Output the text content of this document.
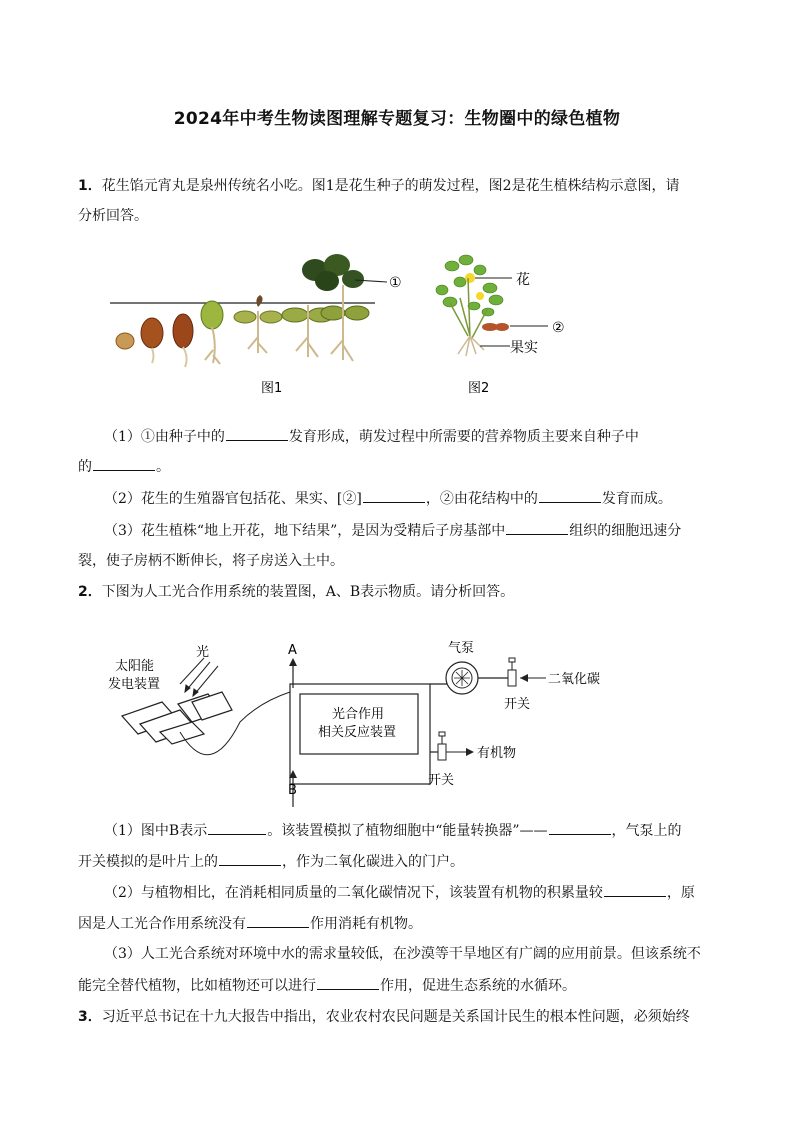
2024年中考生物读图理解专题复习：生物圈中的绿色植物
1．花生馅元宵丸是泉州传统名小吃。图1是花生种子的萌发过程，图2是花生植株结构示意图，请
分析回答。
①
图1
花
②
果实
图2
（1）①由种子中的	发育形成，萌发过程中所需要的营养物质主要来自种子中
的	。
（2）花生的生殖器官包括花、果实、[②]	，②由花结构中的	发育而成。
（3）花生植株“地上开花，地下结果”，是因为受精后子房基部中	组织的细胞迅速分
裂，使子房柄不断伸长，将子房送入土中。
2．下图为人工光合作用系统的装置图，A、B表示物质。请分析回答。
太阳能
发电装置
光
光合作用
相关反应装置
A
B
气泵
开关
二氧化碳
有机物
开关
（1）图中B表示	。该装置模拟了植物细胞中“能量转换器”——	，气泵上的
开关模拟的是叶片上的	，作为二氧化碳进入的门户。
（2）与植物相比，在消耗相同质量的二氧化碳情况下，该装置有机物的积累量较	，原
因是人工光合作用系统没有	作用消耗有机物。
（3）人工光合系统对环境中水的需求量较低，在沙漠等干旱地区有广阔的应用前景。但该系统不
能完全替代植物，比如植物还可以进行	作用，促进生态系统的水循环。
3．习近平总书记在十九大报告中指出，农业农村农民问题是关系国计民生的根本性问题，必须始终
